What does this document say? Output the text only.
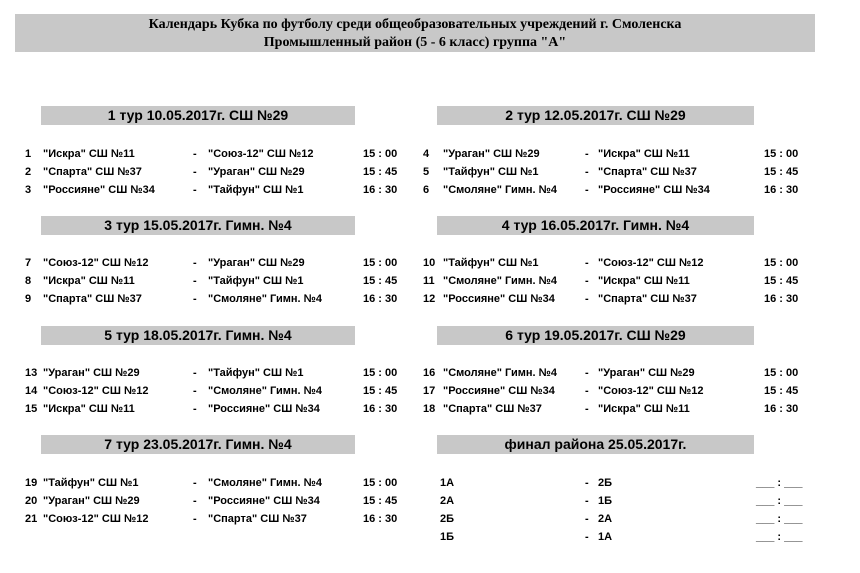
Календарь Кубка по футболу среди общеобразовательных учреждений г. Смоленска
Промышленный район (5 - 6 класс) группа "А"
1 тур 10.05.2017г. СШ №29
1 "Искра" СШ №11	- "Союз-12" СШ №12	15 : 00
2 "Спарта" СШ №37	- "Ураган" СШ №29	15 : 45
3 "Россияне" СШ №34	- "Тайфун" СШ №1	16 : 30
2 тур 12.05.2017г. СШ №29
4 "Ураган" СШ №29	- "Искра" СШ №11	15 : 00
5 "Тайфун" СШ №1	- "Спарта" СШ №37	15 : 45
6 "Смоляне" Гимн. №4	- "Россияне" СШ №34	16 : 30
3 тур 15.05.2017г. Гимн. №4
7 "Союз-12" СШ №12	- "Ураган" СШ №29	15 : 00
8 "Искра" СШ №11	- "Тайфун" СШ №1	15 : 45
9 "Спарта" СШ №37	- "Смоляне" Гимн. №4	16 : 30
4 тур 16.05.2017г. Гимн. №4
10 "Тайфун" СШ №1	- "Союз-12" СШ №12	15 : 00
11 "Смоляне" Гимн. №4	- "Искра" СШ №11	15 : 45
12 "Россияне" СШ №34	- "Спарта" СШ №37	16 : 30
5 тур 18.05.2017г. Гимн. №4
13 "Ураган" СШ №29	- "Тайфун" СШ №1	15 : 00
14 "Союз-12" СШ №12	- "Смоляне" Гимн. №4	15 : 45
15 "Искра" СШ №11	- "Россияне" СШ №34	16 : 30
6 тур 19.05.2017г. СШ №29
16 "Смоляне" Гимн. №4	- "Ураган" СШ №29	15 : 00
17 "Россияне" СШ №34	- "Союз-12" СШ №12	15 : 45
18 "Спарта" СШ №37	- "Искра" СШ №11	16 : 30
7 тур 23.05.2017г. Гимн. №4
19 "Тайфун" СШ №1	- "Смоляне" Гимн. №4	15 : 00
20 "Ураган" СШ №29	- "Россияне" СШ №34	15 : 45
21 "Союз-12" СШ №12	- "Спарта" СШ №37	16 : 30
финал района 25.05.2017г.
1А	- 2Б	___ : ___
2А	- 1Б	___ : ___
2Б	- 2А	___ : ___
1Б	- 1А	___ : ___
